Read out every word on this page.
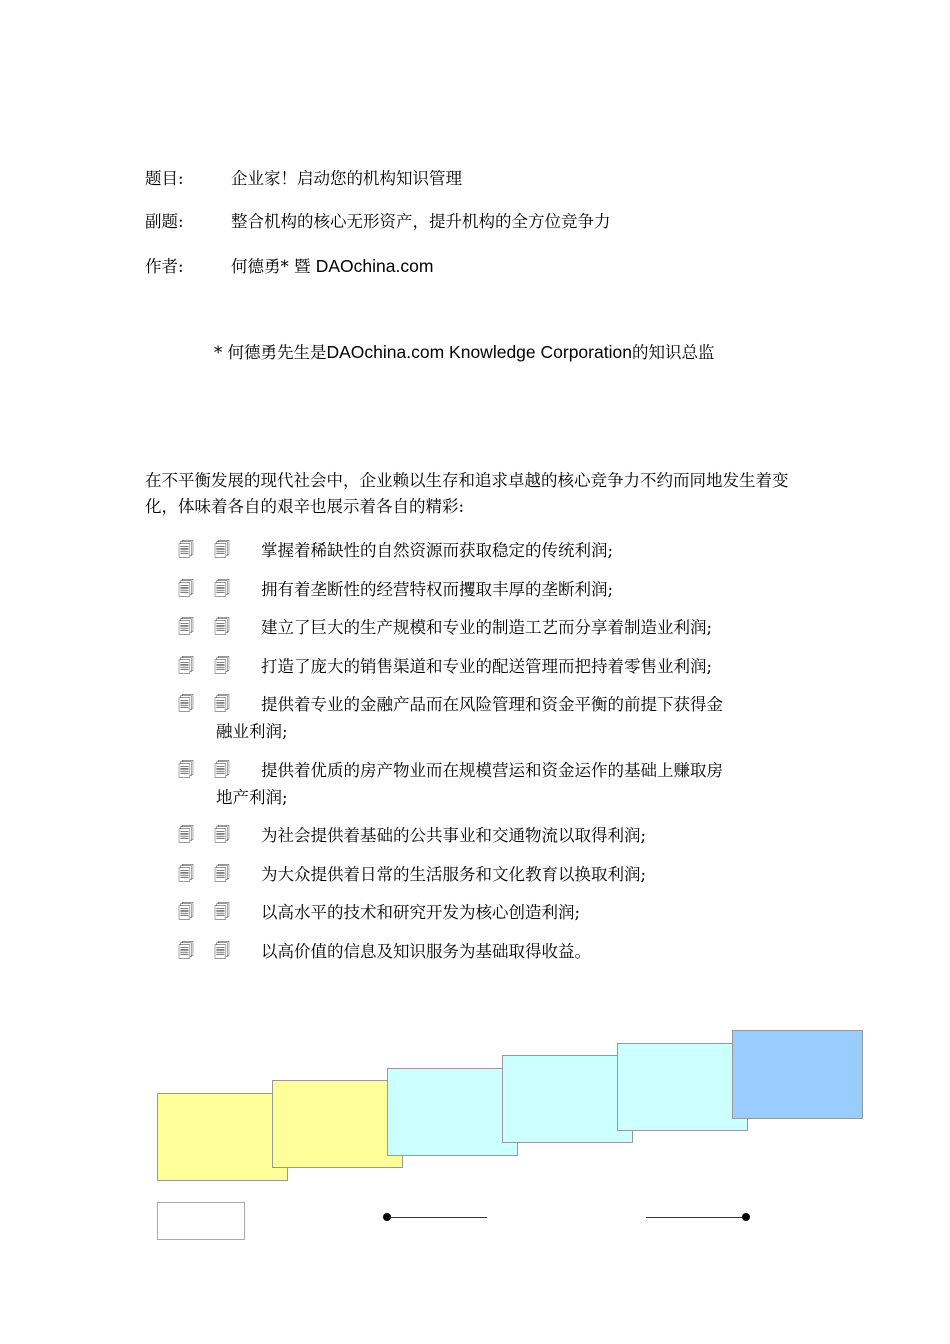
题目:	企业家！启动您的机构知识管理
副题:	整合机构的核心无形资产，提升机构的全方位竞争力
作者:	何德勇* 暨 DAOchina.com
* 何德勇先生是DAOchina.com Knowledge Corporation的知识总监
在不平衡发展的现代社会中，企业赖以生存和追求卓越的核心竞争力不约而同地发生着变化，体味着各自的艰辛也展示着各自的精彩:
🗐 🗐 掌握着稀缺性的自然资源而获取稳定的传统利润;
🗐 🗐 拥有着垄断性的经营特权而攫取丰厚的垄断利润;
🗐 🗐 建立了巨大的生产规模和专业的制造工艺而分享着制造业利润;
🗐 🗐 打造了庞大的销售渠道和专业的配送管理而把持着零售业利润;
🗐 🗐 提供着专业的金融产品而在风险管理和资金平衡的前提下获得金
融业利润;
🗐 🗐 提供着优质的房产物业而在规模营运和资金运作的基础上赚取房
地产利润;
🗐 🗐 为社会提供着基础的公共事业和交通物流以取得利润;
🗐 🗐 为大众提供着日常的生活服务和文化教育以换取利润;
🗐 🗐 以高水平的技术和研究开发为核心创造利润;
🗐 🗐 以高价值的信息及知识服务为基础取得收益。
